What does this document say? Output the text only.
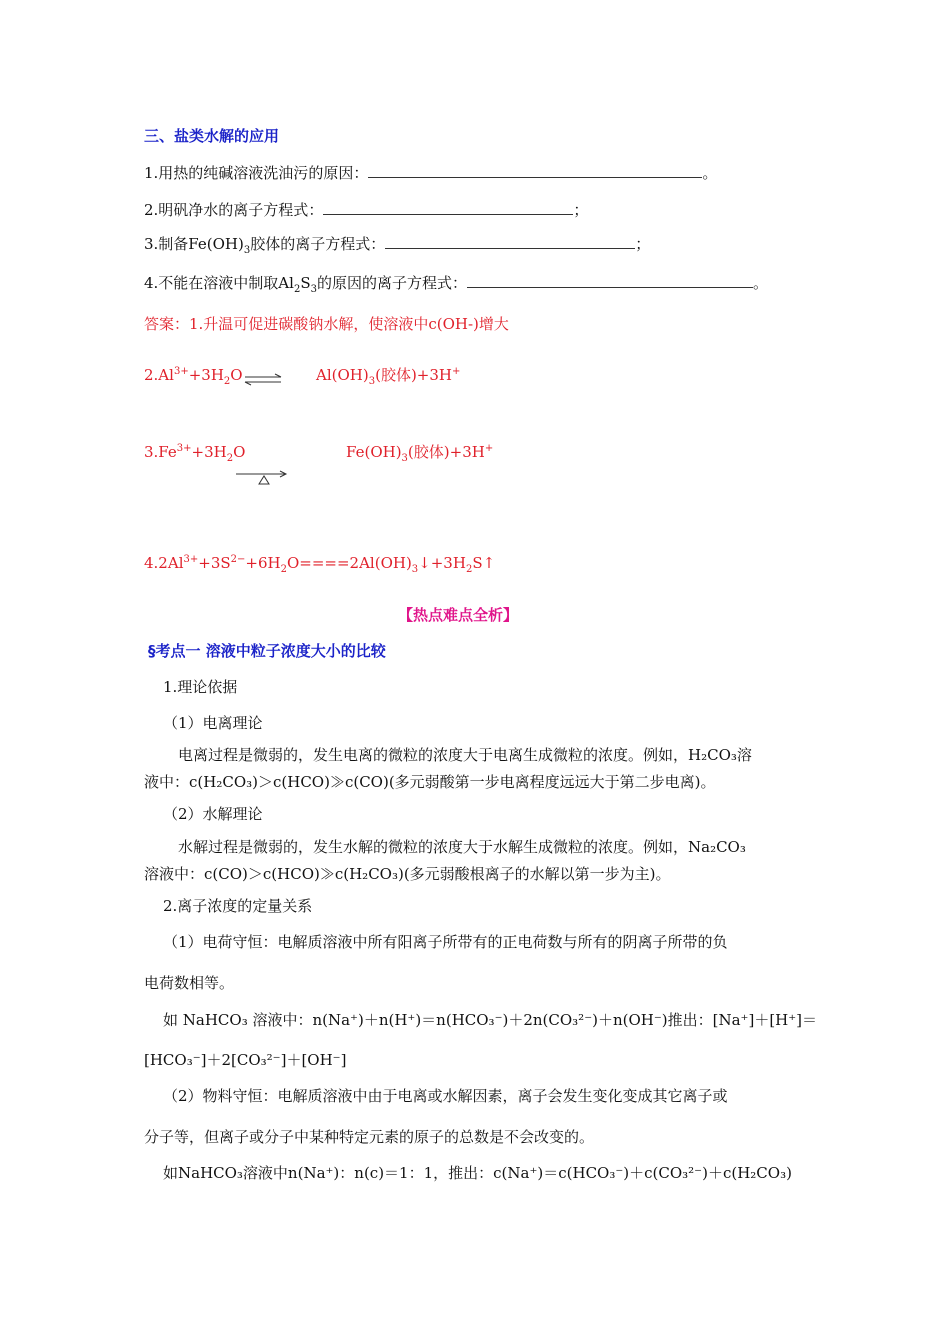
三、盐类水解的应用
1.用热的纯碱溶液洗油污的原因：	。
2.明矾净水的离子方程式：	；
3.制备$Fe(OH)_3$胶体的离子方程式：	；
4.不能在溶液中制取$Al_2S_3$的原因的离子方程式：	。
答案：1.升温可促进碳酸钠水解，使溶液中c(OH-)增大
$2.Al^{3+}+3H_2O$ ⇌ $Al(OH)_3$(胶体)+3H+
$3.Fe^{3+}+3H_2O$	$Fe(OH)_3$(胶体)+3H+
$4.2Al^{3+}+3S^{2-}+6H_2O====2Al(OH)_3↓+3H_2S↑$
【热点难点全析】
§考点一 溶液中粒子浓度大小的比较
1.理论依据
（1）电离理论
电离过程是微弱的，发生电离的微粒的浓度大于电离生成微粒的浓度。例如，H₂CO₃溶
液中：c(H₂CO₃)＞c(HCO)≫c(CO)(多元弱酸第一步电离程度远远大于第二步电离)。
（2）水解理论
水解过程是微弱的，发生水解的微粒的浓度大于水解生成微粒的浓度。例如，Na₂CO₃
溶液中：c(CO)＞c(HCO)≫c(H₂CO₃)(多元弱酸根离子的水解以第一步为主)。
2.离子浓度的定量关系
（1）电荷守恒：电解质溶液中所有阳离子所带有的正电荷数与所有的阴离子所带的负
电荷数相等。
如 NaHCO₃ 溶液中：n(Na⁺)＋n(H⁺)＝n(HCO₃⁻)＋2n(CO₃²⁻)＋n(OH⁻)推出：[Na⁺]＋[H⁺]＝
[HCO₃⁻]＋2[CO₃²⁻]＋[OH⁻]
（2）物料守恒：电解质溶液中由于电离或水解因素，离子会发生变化变成其它离子或
分子等，但离子或分子中某种特定元素的原子的总数是不会改变的。
如NaHCO₃溶液中n(Na⁺)：n(c)＝1：1，推出：c(Na⁺)＝c(HCO₃⁻)＋c(CO₃²⁻)＋c(H₂CO₃)
